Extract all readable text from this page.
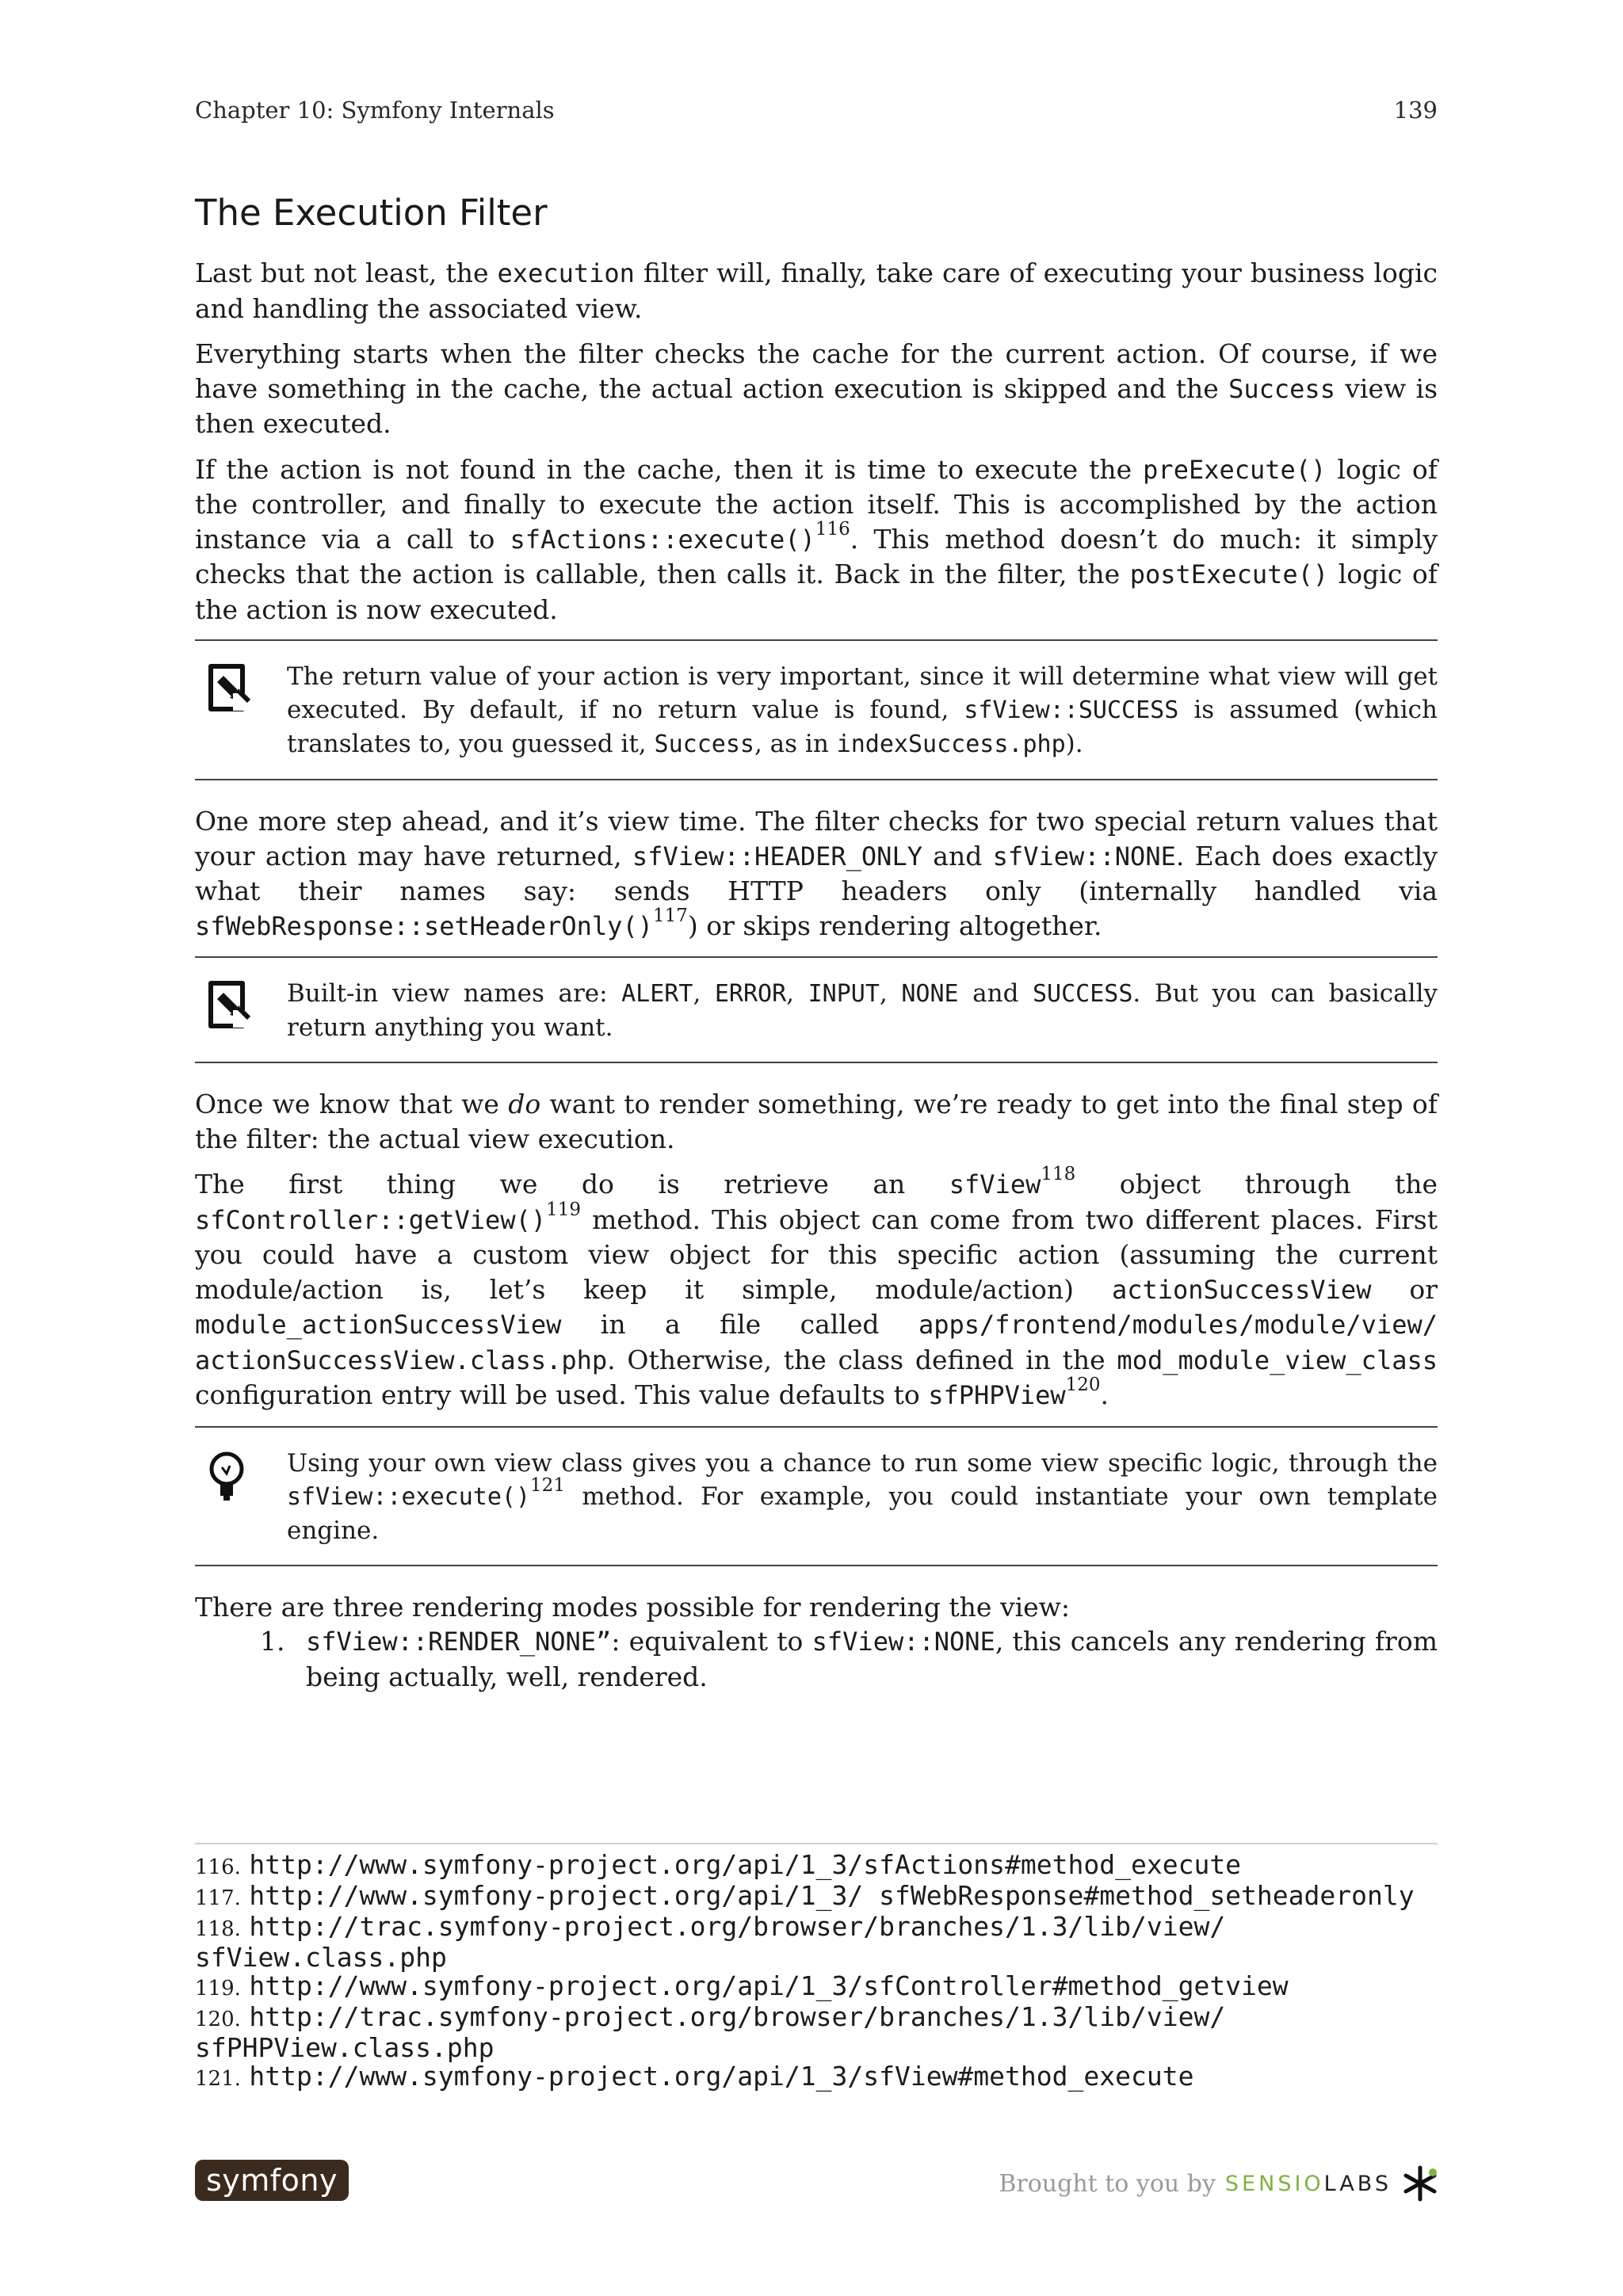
Chapter 10: Symfony Internals	139
The Execution Filter

Last but not least, the execution filter will, finally, take care of executing your business logic and handling the associated view.

Everything starts when the filter checks the cache for the current action. Of course, if we have something in the cache, the actual action execution is skipped and the Success view is then executed.

If the action is not found in the cache, then it is time to execute the preExecute() logic of the controller, and finally to execute the action itself. This is accomplished by the action instance via a call to sfActions::execute()$^{116}$. This method doesn’t do much: it simply checks that the action is callable, then calls it. Back in the filter, the postExecute() logic of the action is now executed.

The return value of your action is very important, since it will determine what view will get executed. By default, if no return value is found, sfView::SUCCESS is assumed (which translates to, you guessed it, Success, as in indexSuccess.php).

One more step ahead, and it’s view time. The filter checks for two special return values that your action may have returned, sfView::HEADER_ONLY and sfView::NONE. Each does exactly what their names say: sends HTTP headers only (internally handled via sfWebResponse::setHeaderOnly()$^{117}$) or skips rendering altogether.

Built-in view names are: ALERT, ERROR, INPUT, NONE and SUCCESS. But you can basically return anything you want.

Once we know that we do want to render something, we’re ready to get into the final step of the filter: the actual view execution.

The first thing we do is retrieve an sfView$^{118}$ object through the sfController::getView()$^{119}$ method. This object can come from two different places. First you could have a custom view object for this specific action (assuming the current module/action is, let’s keep it simple, module/action) actionSuccessView or module_actionSuccessView in a file called apps/frontend/modules/module/view/ actionSuccessView.class.php. Otherwise, the class defined in the mod_module_view_class configuration entry will be used. This value defaults to sfPHPView$^{120}$.

Using your own view class gives you a chance to run some view specific logic, through the sfView::execute()$^{121}$ method. For example, you could instantiate your own template engine.

There are three rendering modes possible for rendering the view:

1. sfView::RENDER_NONE”: equivalent to sfView::NONE, this cancels any rendering from being actually, well, rendered.
116. http://www.symfony-project.org/api/1_3/sfActions#method_execute
117. http://www.symfony-project.org/api/1_3/ sfWebResponse#method_setheaderonly
118. http://trac.symfony-project.org/browser/branches/1.3/lib/view/ sfView.class.php
119. http://www.symfony-project.org/api/1_3/sfController#method_getview
120. http://trac.symfony-project.org/browser/branches/1.3/lib/view/ sfPHPView.class.php
121. http://www.symfony-project.org/api/1_3/sfView#method_execute
symfony	Brought to you by SENSIO LABS
